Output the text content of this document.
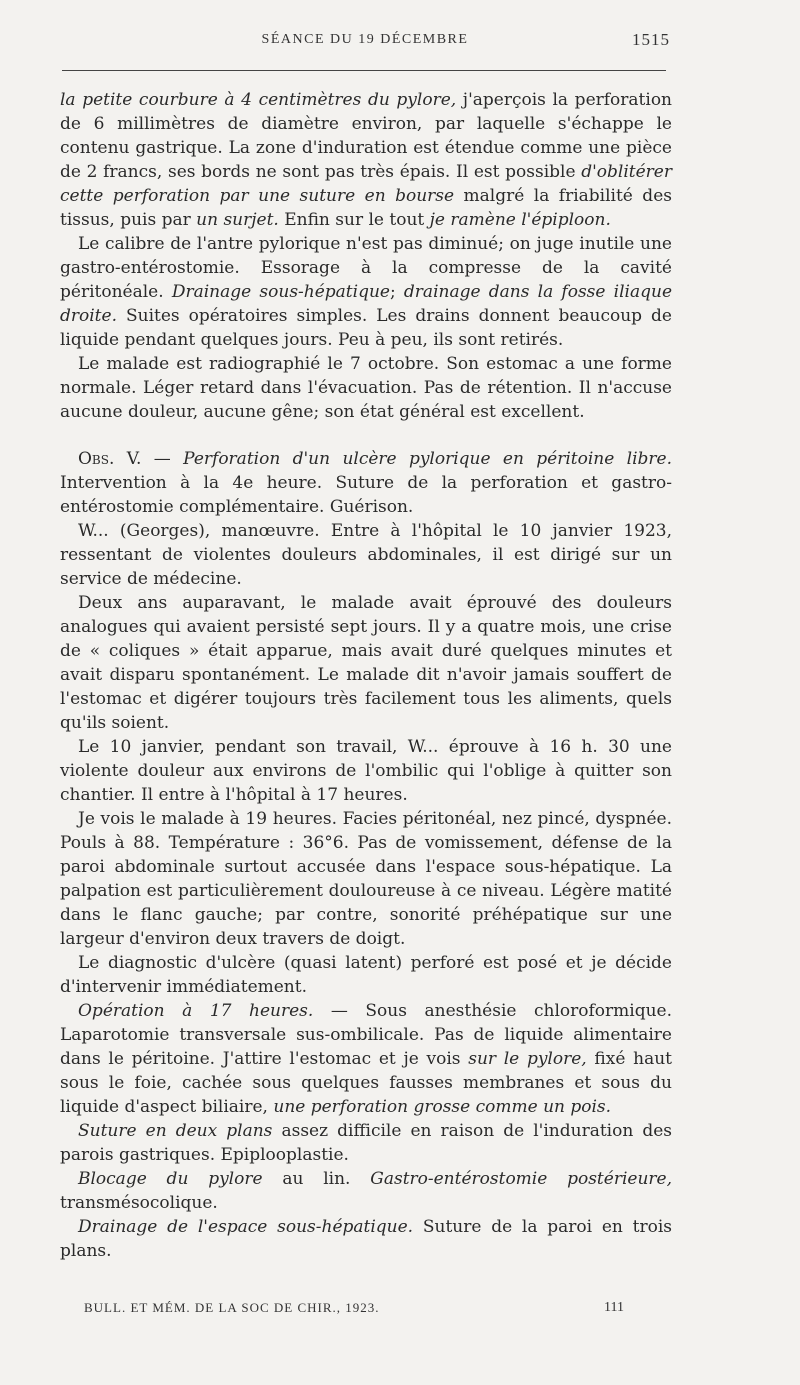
SÉANCE DU 19 DÉCEMBRE	1515

la petite courbure à 4 centimètres du pylore, j'aperçois la perforation de 6 millimètres de diamètre environ, par laquelle s'échappe le contenu gastrique. La zone d'induration est étendue comme une pièce de 2 francs, ses bords ne sont pas très épais. Il est possible d'oblitérer cette perforation par une suture en bourse malgré la friabilité des tissus, puis par un surjet. Enfin sur le tout je ramène l'épiploon.

Le calibre de l'antre pylorique n'est pas diminué; on juge inutile une gastro-entérostomie. Essorage à la compresse de la cavité péritonéale. Drainage sous-hépatique; drainage dans la fosse iliaque droite. Suites opératoires simples. Les drains donnent beaucoup de liquide pendant quelques jours. Peu à peu, ils sont retirés.

Le malade est radiographié le 7 octobre. Son estomac a une forme normale. Léger retard dans l'évacuation. Pas de rétention. Il n'accuse aucune douleur, aucune gêne; son état général est excellent.

Obs. V. — Perforation d'un ulcère pylorique en péritoine libre. Intervention à la 4e heure. Suture de la perforation et gastro-entérostomie complémentaire. Guérison.

W... (Georges), manœuvre. Entre à l'hôpital le 10 janvier 1923, ressentant de violentes douleurs abdominales, il est dirigé sur un service de médecine.

Deux ans auparavant, le malade avait éprouvé des douleurs analogues qui avaient persisté sept jours. Il y a quatre mois, une crise de « coliques » était apparue, mais avait duré quelques minutes et avait disparu spontanément. Le malade dit n'avoir jamais souffert de l'estomac et digérer toujours très facilement tous les aliments, quels qu'ils soient.

Le 10 janvier, pendant son travail, W... éprouve à 16 h. 30 une violente douleur aux environs de l'ombilic qui l'oblige à quitter son chantier. Il entre à l'hôpital à 17 heures.

Je vois le malade à 19 heures. Facies péritonéal, nez pincé, dyspnée. Pouls à 88. Température : 36°6. Pas de vomissement, défense de la paroi abdominale surtout accusée dans l'espace sous-hépatique. La palpation est particulièrement douloureuse à ce niveau. Légère matité dans le flanc gauche; par contre, sonorité préhépatique sur une largeur d'environ deux travers de doigt.

Le diagnostic d'ulcère (quasi latent) perforé est posé et je décide d'intervenir immédiatement.

Opération à 17 heures. — Sous anesthésie chloroformique. Laparotomie transversale sus-ombilicale. Pas de liquide alimentaire dans le péritoine. J'attire l'estomac et je vois sur le pylore, fixé haut sous le foie, cachée sous quelques fausses membranes et sous du liquide d'aspect biliaire, une perforation grosse comme un pois.

Suture en deux plans assez difficile en raison de l'induration des parois gastriques. Epiplooplastie.

Blocage du pylore au lin. Gastro-entérostomie postérieure, transmésocolique.

Drainage de l'espace sous-hépatique. Suture de la paroi en trois plans.

BULL. ET MÉM. DE LA SOC DE CHIR., 1923.	111
